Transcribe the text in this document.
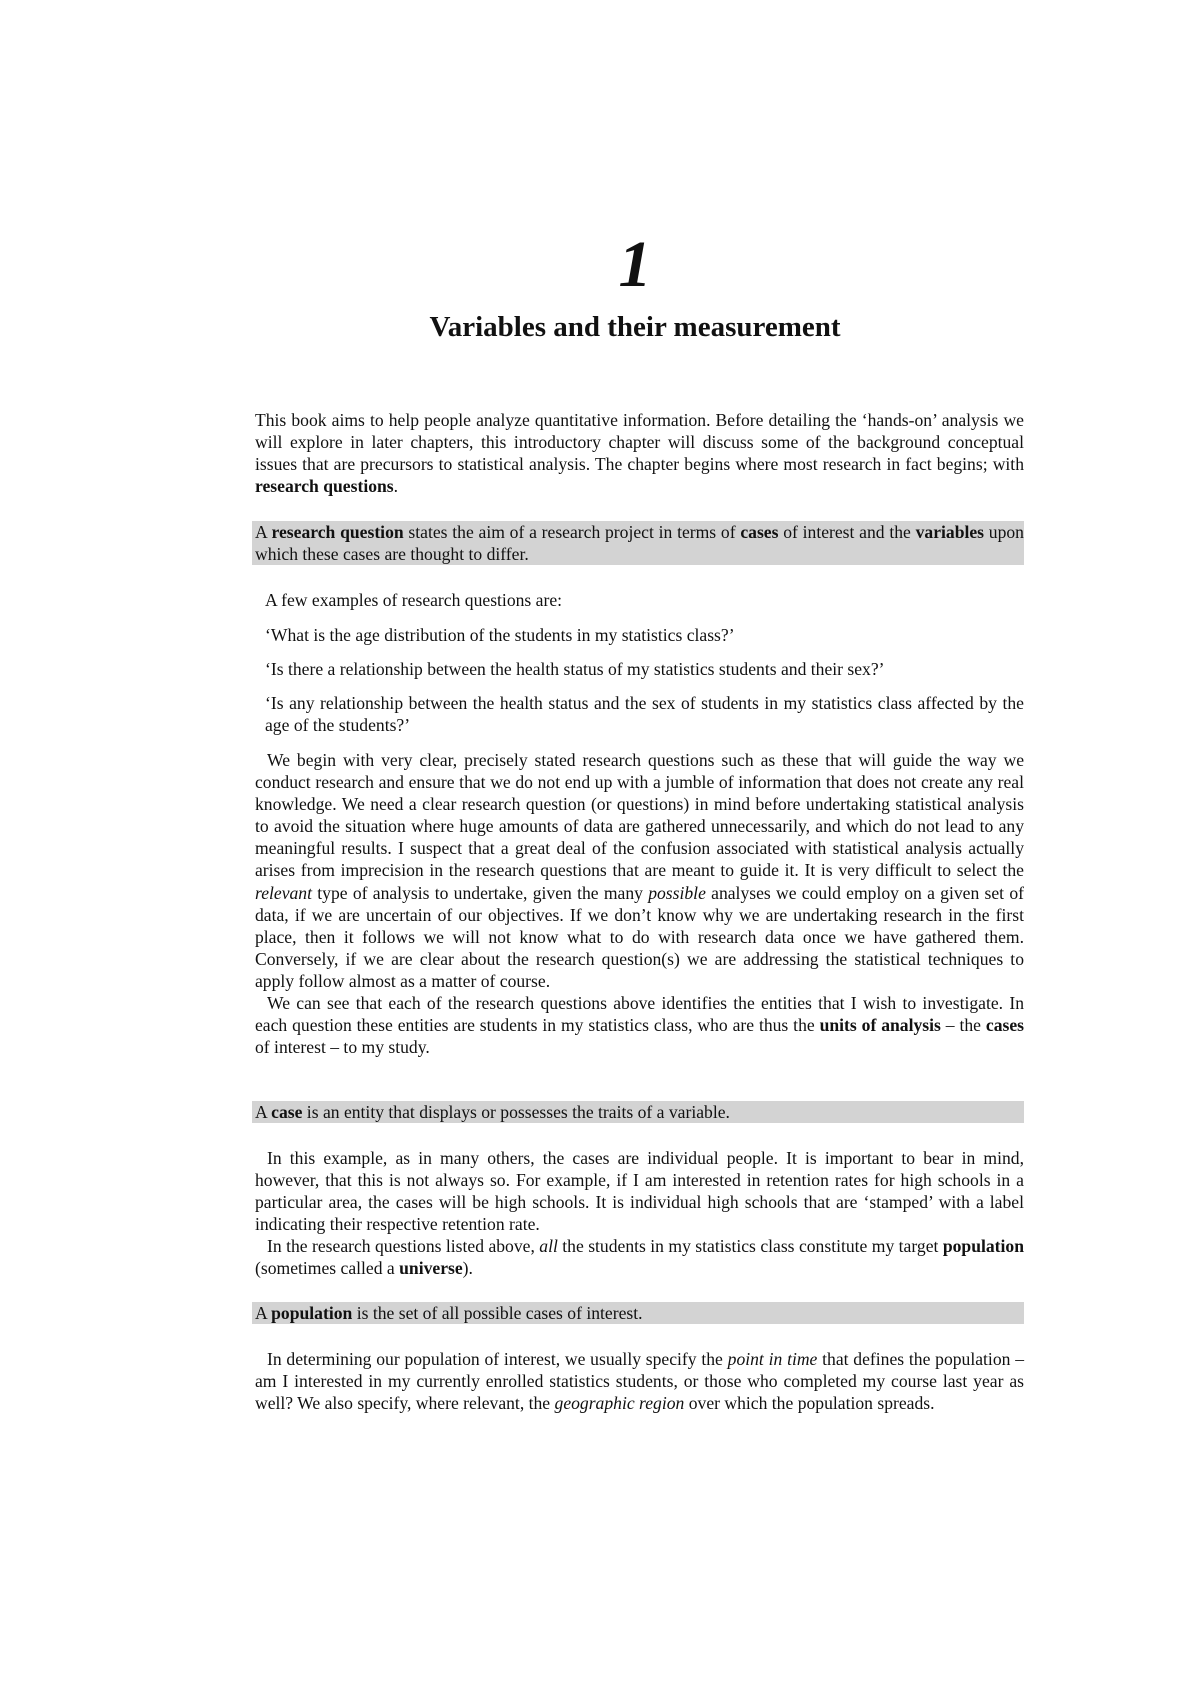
1
Variables and their measurement

This book aims to help people analyze quantitative information. Before detailing the ‘hands-on’ analysis we will explore in later chapters, this introductory chapter will discuss some of the background conceptual issues that are precursors to statistical analysis. The chapter begins where most research in fact begins; with research questions.

A research question states the aim of a research project in terms of cases of interest and the variables upon which these cases are thought to differ.

A few examples of research questions are:

‘What is the age distribution of the students in my statistics class?’

‘Is there a relationship between the health status of my statistics students and their sex?’

‘Is any relationship between the health status and the sex of students in my statistics class affected by the age of the students?’

We begin with very clear, precisely stated research questions such as these that will guide the way we conduct research and ensure that we do not end up with a jumble of information that does not create any real knowledge. We need a clear research question (or questions) in mind before undertaking statistical analysis to avoid the situation where huge amounts of data are gathered unnecessarily, and which do not lead to any meaningful results. I suspect that a great deal of the confusion associated with statistical analysis actually arises from imprecision in the research questions that are meant to guide it. It is very difficult to select the relevant type of analysis to undertake, given the many possible analyses we could employ on a given set of data, if we are uncertain of our objectives. If we don’t know why we are undertaking research in the first place, then it follows we will not know what to do with research data once we have gathered them. Conversely, if we are clear about the research question(s) we are addressing the statistical techniques to apply follow almost as a matter of course.

We can see that each of the research questions above identifies the entities that I wish to investigate. In each question these entities are students in my statistics class, who are thus the units of analysis – the cases of interest – to my study.

A case is an entity that displays or possesses the traits of a variable.

In this example, as in many others, the cases are individual people. It is important to bear in mind, however, that this is not always so. For example, if I am interested in retention rates for high schools in a particular area, the cases will be high schools. It is individual high schools that are ‘stamped’ with a label indicating their respective retention rate.

In the research questions listed above, all the students in my statistics class constitute my target population (sometimes called a universe).

A population is the set of all possible cases of interest.

In determining our population of interest, we usually specify the point in time that defines the population – am I interested in my currently enrolled statistics students, or those who completed my course last year as well? We also specify, where relevant, the geographic region over which the population spreads.
